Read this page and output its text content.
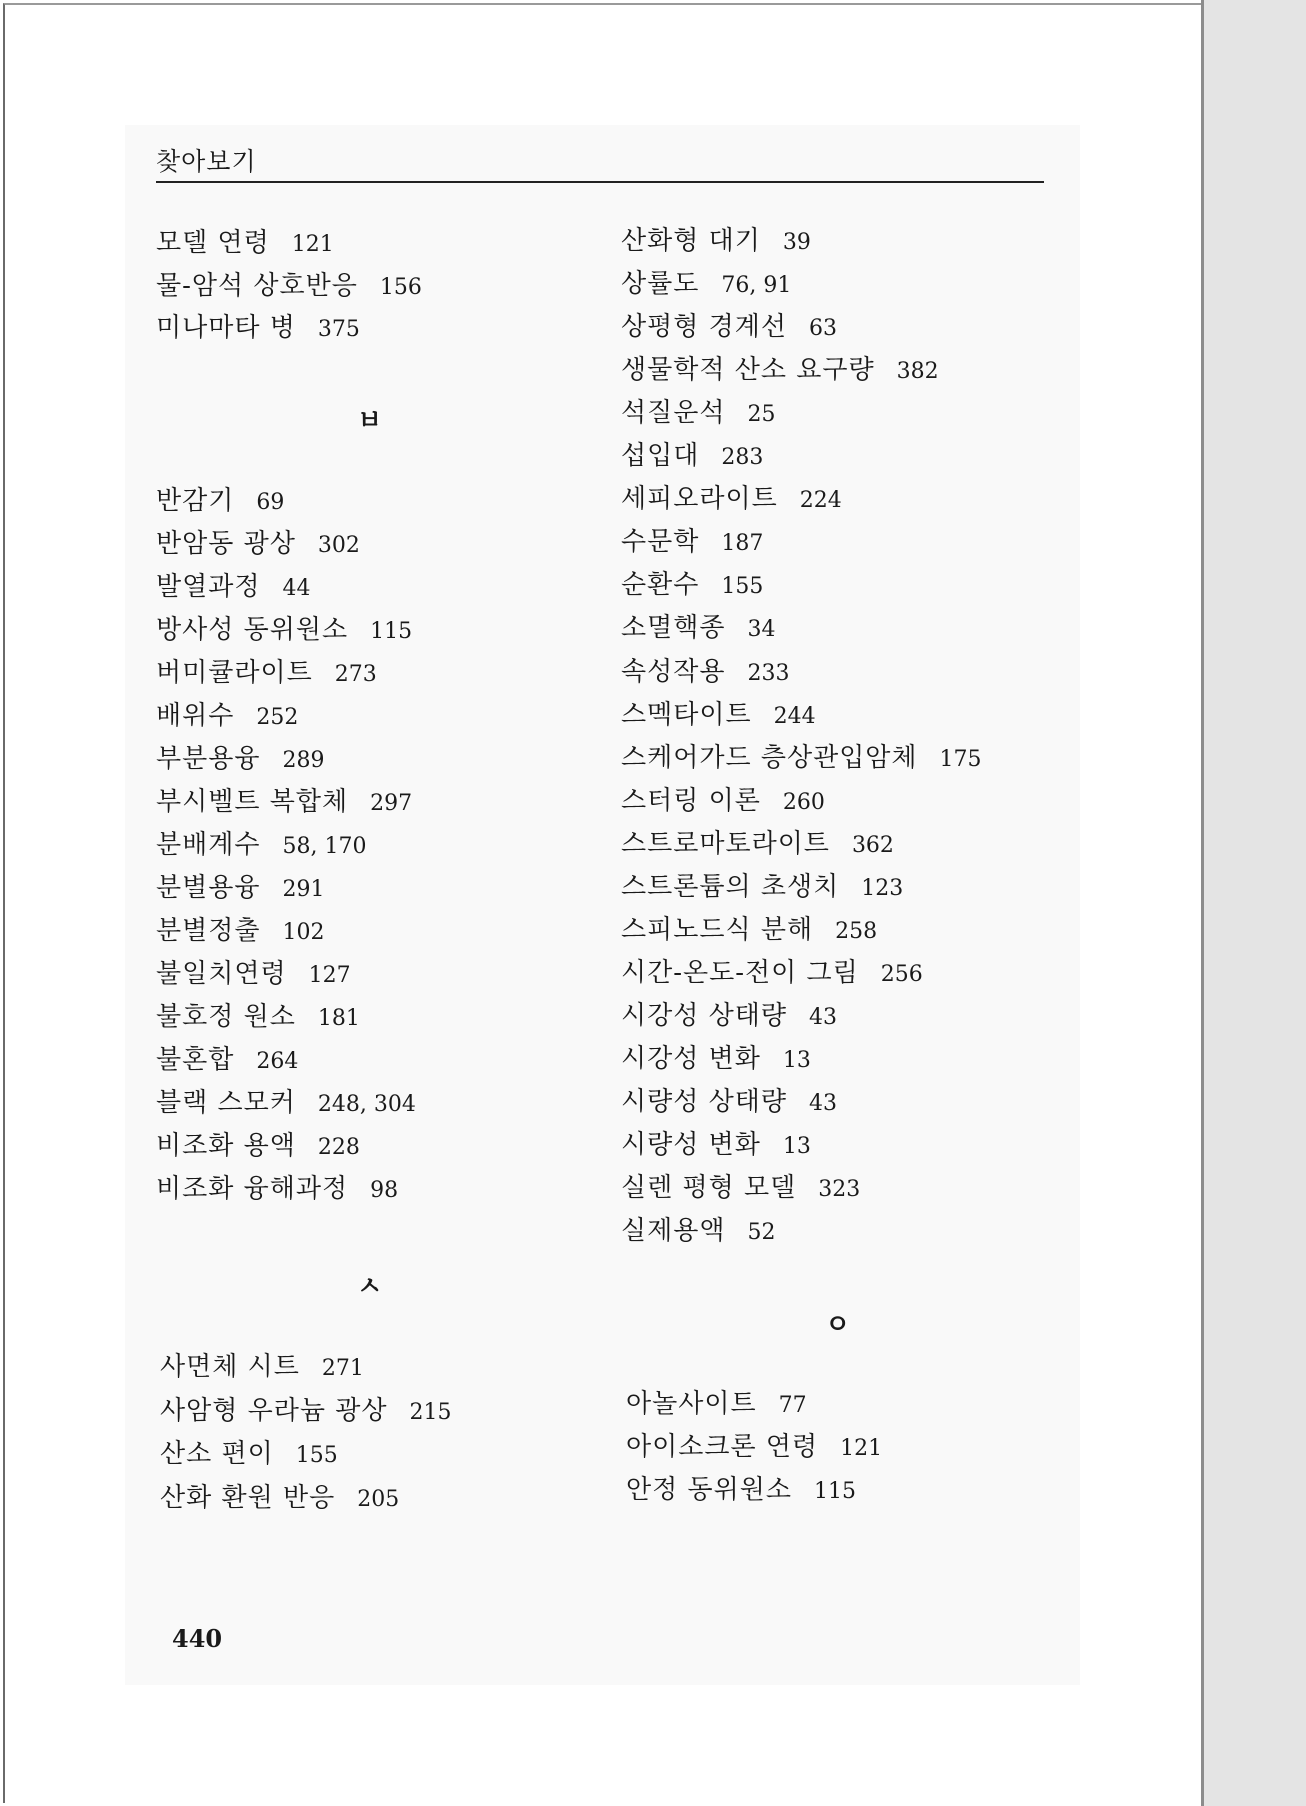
찾아보기
ㅂ
ㅅ
ㅇ
모델 연령 121
물-암석 상호반응 156
미나마타 병 375
반감기 69
반암동 광상 302
발열과정 44
방사성 동위원소 115
버미큘라이트 273
배위수 252
부분용융 289
부시벨트 복합체 297
분배계수 58, 170
분별용융 291
분별정출 102
불일치연령 127
불호정 원소 181
불혼합 264
블랙 스모커 248, 304
비조화 용액 228
비조화 융해과정 98
사면체 시트 271
사암형 우라늄 광상 215
산소 편이 155
산화 환원 반응 205
산화형 대기 39
상률도 76, 91
상평형 경계선 63
생물학적 산소 요구량 382
석질운석 25
섭입대 283
세피오라이트 224
수문학 187
순환수 155
소멸핵종 34
속성작용 233
스멕타이트 244
스케어가드 층상관입암체 175
스터링 이론 260
스트로마토라이트 362
스트론튬의 초생치 123
스피노드식 분해 258
시간-온도-전이 그림 256
시강성 상태량 43
시강성 변화 13
시량성 상태량 43
시량성 변화 13
실렌 평형 모델 323
실제용액 52
아놀사이트 77
아이소크론 연령 121
안정 동위원소 115
440
